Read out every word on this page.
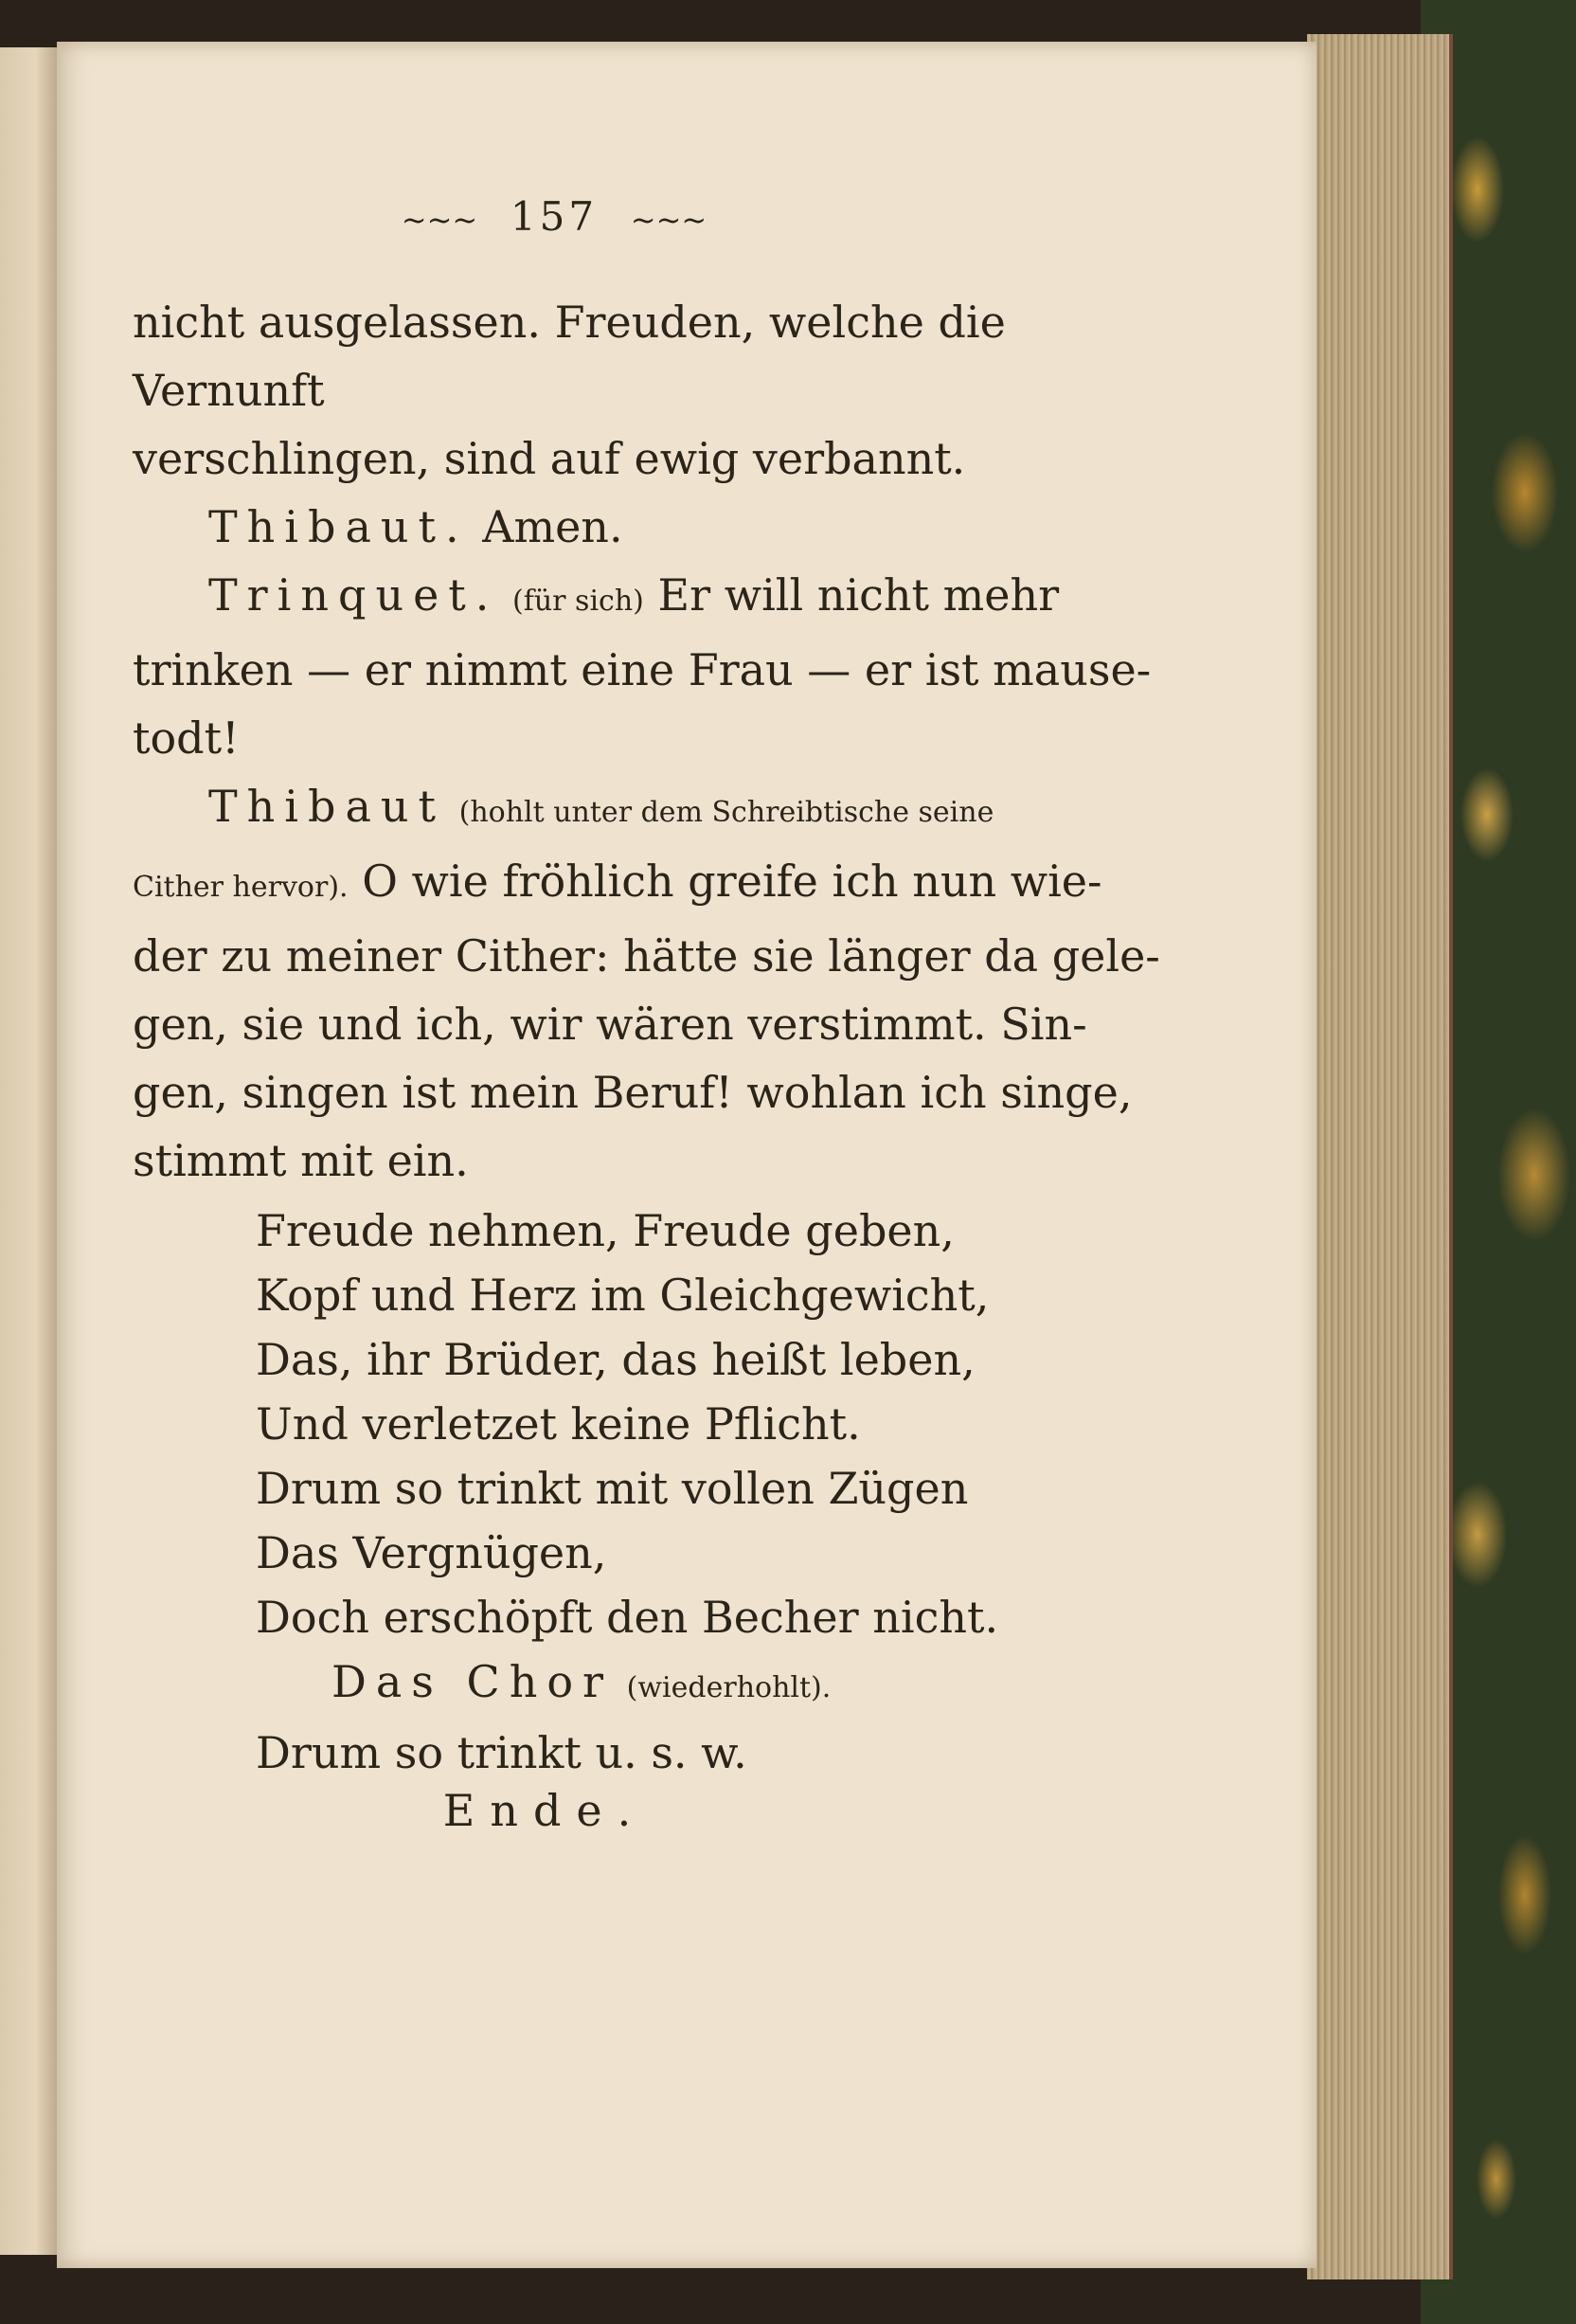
~~~ 157 ~~~

nicht ausgelassen. Freuden, welche die Vernunft

verschlingen, sind auf ewig verbannt.

Thibaut. Amen.

Trinquet. (für sich) Er will nicht mehr

trinken — er nimmt eine Frau — er ist mause-

todt!

Thibaut (hohlt unter dem Schreibtische seine

Cither hervor). O wie fröhlich greife ich nun wie-

der zu meiner Cither: hätte sie länger da gele-

gen, sie und ich, wir wären verstimmt. Sin-

gen, singen ist mein Beruf! wohlan ich singe,

stimmt mit ein.

Freude nehmen, Freude geben,

Kopf und Herz im Gleichgewicht,

Das, ihr Brüder, das heißt leben,

Und verletzet keine Pflicht.

Drum so trinkt mit vollen Zügen

Das Vergnügen,

Doch erschöpft den Becher nicht.

Das Chor (wiederhohlt).

Drum so trinkt u. s. w.

Ende.
